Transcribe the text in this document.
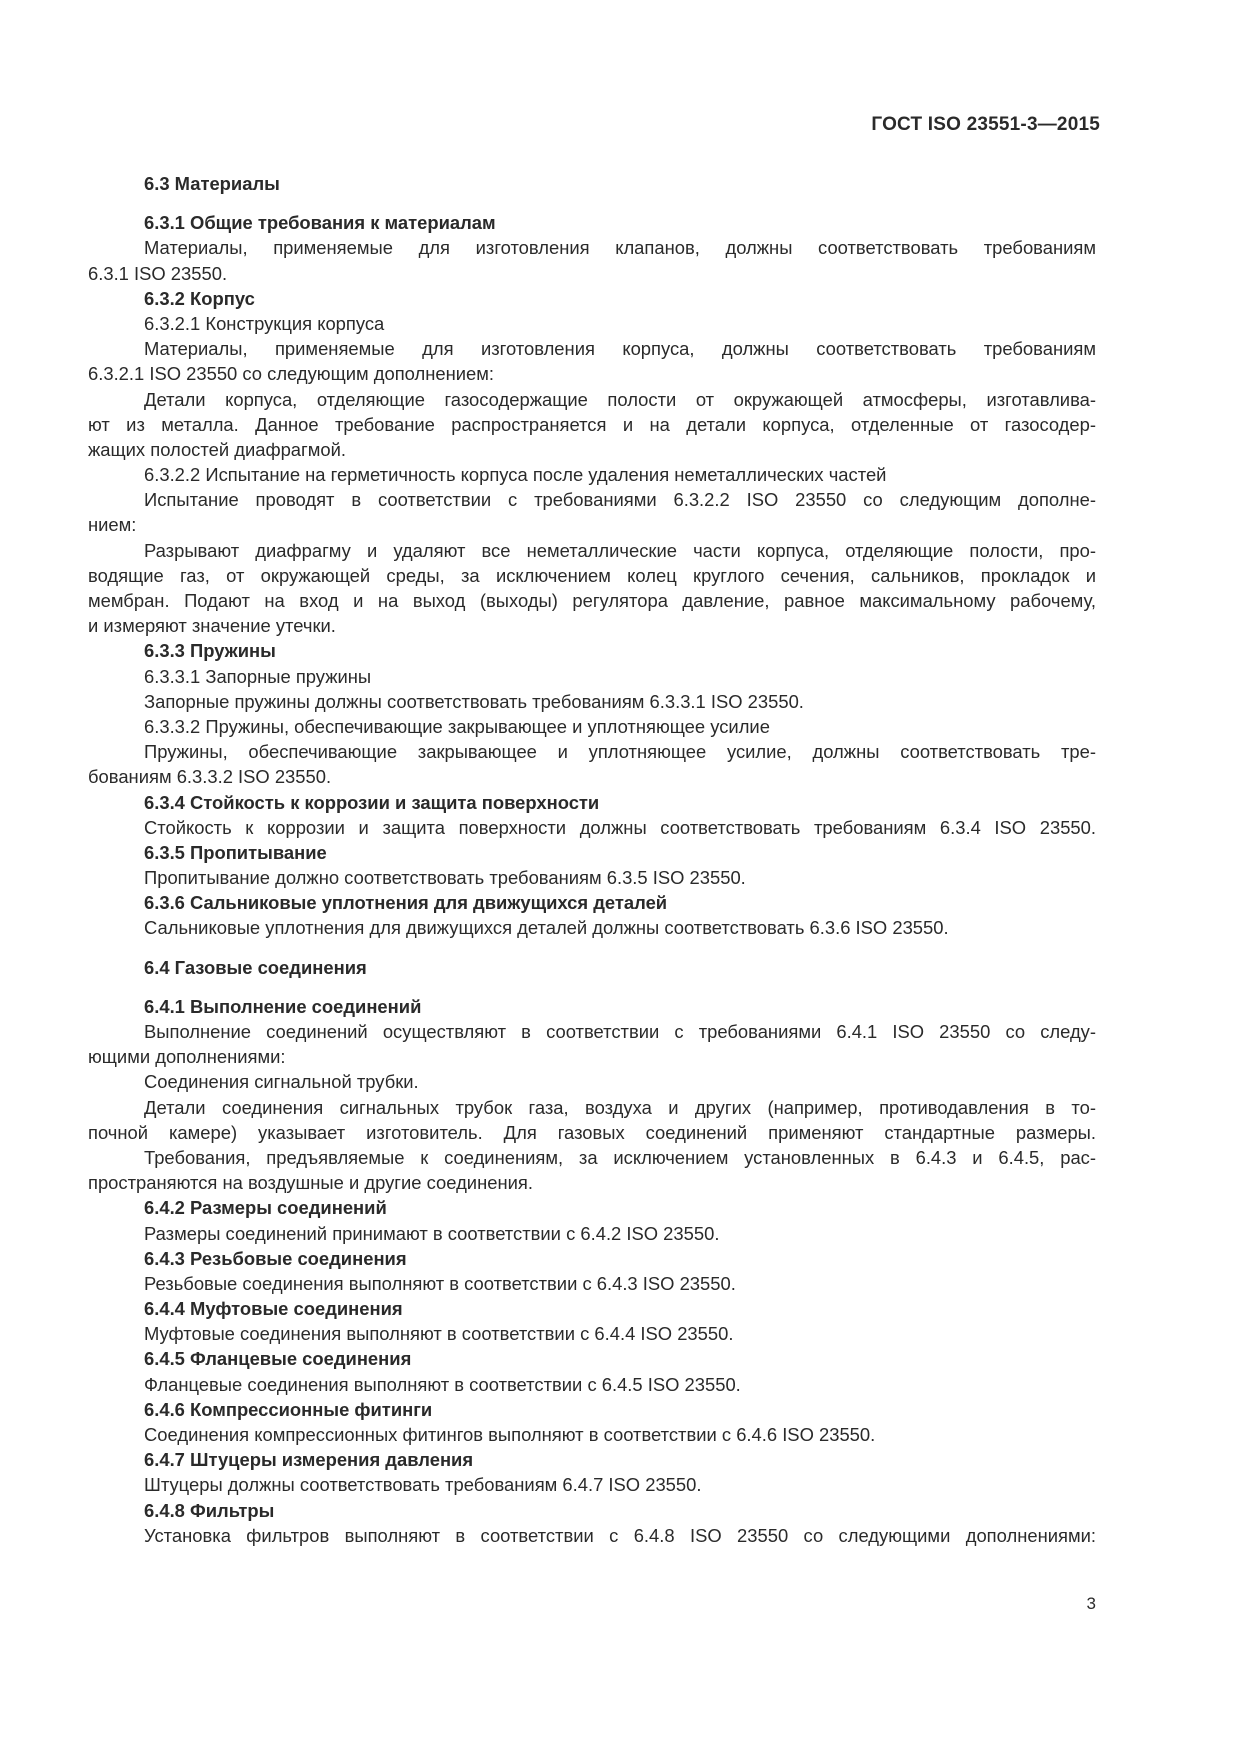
ГОСТ ISO 23551-3—2015
6.3 Материалы
6.3.1 Общие требования к материалам
Материалы, применяемые для изготовления клапанов, должны соответствовать требованиям
6.3.1 ISO 23550.
6.3.2 Корпус
6.3.2.1 Конструкция корпуса
Материалы, применяемые для изготовления корпуса, должны соответствовать требованиям
6.3.2.1 ISO 23550 со следующим дополнением:
Детали корпуса, отделяющие газосодержащие полости от окружающей атмосферы, изготавлива-
ют из металла. Данное требование распространяется и на детали корпуса, отделенные от газосодер-
жащих полостей диафрагмой.
6.3.2.2 Испытание на герметичность корпуса после удаления неметаллических частей
Испытание проводят в соответствии с требованиями 6.3.2.2 ISO 23550 со следующим дополне-
нием:
Разрывают диафрагму и удаляют все неметаллические части корпуса, отделяющие полости, про-
водящие газ, от окружающей среды, за исключением колец круглого сечения, сальников, прокладок и
мембран. Подают на вход и на выход (выходы) регулятора давление, равное максимальному рабочему,
и измеряют значение утечки.
6.3.3 Пружины
6.3.3.1 Запорные пружины
Запорные пружины должны соответствовать требованиям 6.3.3.1 ISO 23550.
6.3.3.2 Пружины, обеспечивающие закрывающее и уплотняющее усилие
Пружины, обеспечивающие закрывающее и уплотняющее усилие, должны соответствовать тре-
бованиям 6.3.3.2 ISO 23550.
6.3.4 Стойкость к коррозии и защита поверхности
Стойкость к коррозии и защита поверхности должны соответствовать требованиям 6.3.4 ISO 23550.
6.3.5 Пропитывание
Пропитывание должно соответствовать требованиям 6.3.5 ISO 23550.
6.3.6 Сальниковые уплотнения для движущихся деталей
Сальниковые уплотнения для движущихся деталей должны соответствовать 6.3.6 ISO 23550.
6.4 Газовые соединения
6.4.1 Выполнение соединений
Выполнение соединений осуществляют в соответствии с требованиями 6.4.1 ISO 23550 со следу-
ющими дополнениями:
Соединения сигнальной трубки.
Детали соединения сигнальных трубок газа, воздуха и других (например, противодавления в то-
почной камере) указывает изготовитель. Для газовых соединений применяют стандартные размеры.
Требования, предъявляемые к соединениям, за исключением установленных в 6.4.3 и 6.4.5, рас-
пространяются на воздушные и другие соединения.
6.4.2 Размеры соединений
Размеры соединений принимают в соответствии с 6.4.2 ISO 23550.
6.4.3 Резьбовые соединения
Резьбовые соединения выполняют в соответствии с 6.4.3 ISO 23550.
6.4.4 Муфтовые соединения
Муфтовые соединения выполняют в соответствии с 6.4.4 ISO 23550.
6.4.5 Фланцевые соединения
Фланцевые соединения выполняют в соответствии с 6.4.5 ISO 23550.
6.4.6 Компрессионные фитинги
Соединения компрессионных фитингов выполняют в соответствии с 6.4.6 ISO 23550.
6.4.7 Штуцеры измерения давления
Штуцеры должны соответствовать требованиям 6.4.7 ISO 23550.
6.4.8 Фильтры
Установка фильтров выполняют в соответствии с 6.4.8 ISO 23550 со следующими дополнениями:
3
